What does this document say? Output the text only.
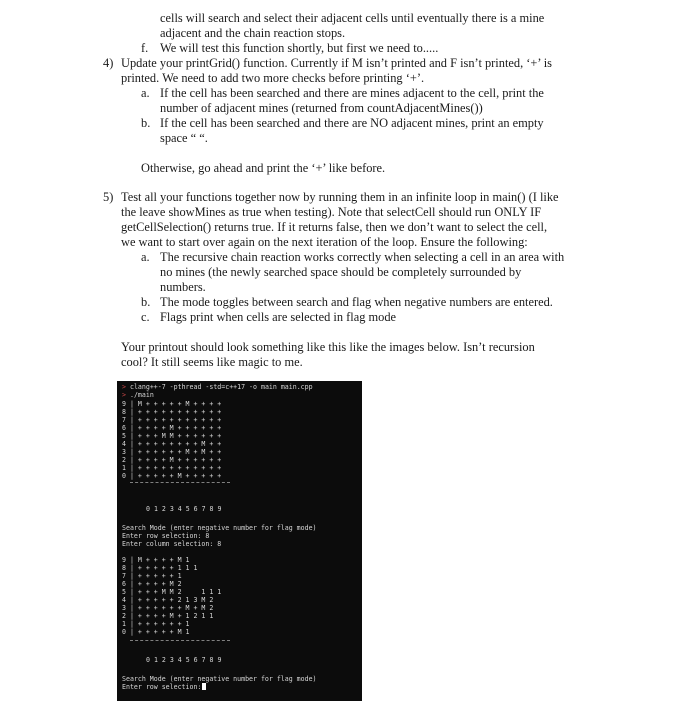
cells will search and select their adjacent cells until eventually there is a mine
adjacent and the chain reaction stops.
f. We will test this function shortly, but first we need to.....
4) Update your printGrid() function. Currently if M isn’t printed and F isn’t printed, ‘+’ is
printed. We need to add two more checks before printing ‘+’.
a. If the cell has been searched and there are mines adjacent to the cell, print the
number of adjacent mines (returned from countAdjacentMines())
b. If the cell has been searched and there are NO adjacent mines, print an empty
space “ “.
Otherwise, go ahead and print the ‘+’ like before.
5) Test all your functions together now by running them in an infinite loop in main() (I like
the leave showMines as true when testing). Note that selectCell should run ONLY IF
getCellSelection() returns true. If it returns false, then we don’t want to select the cell,
we want to start over again on the next iteration of the loop. Ensure the following:
a. The recursive chain reaction works correctly when selecting a cell in an area with
no mines (the newly searched space should be completely surrounded by
numbers.
b. The mode toggles between search and flag when negative numbers are entered.
c. Flags print when cells are selected in flag mode
Your printout should look something like this like the images below. Isn’t recursion
cool? It still seems like magic to me.
> clang++-7 -pthread -std=c++17 -o main main.cpp
> ./main
9 | M + + + + + M + + + +
8 | + + + + + + + + + + +
7 | + + + + + + + + + + +
6 | + + + + M + + + + + +
5 | + + + M M + + + + + +
4 | + + + + + + + + M + +
3 | + + + + + + M + M + +
2 | + + + + M + + + + + +
1 | + + + + + + + + + + +
0 | + + + + + M + + + + +
0 1 2 3 4 5 6 7 8 9
Search Mode (enter negative number for flag mode)
Enter row selection: 8
Enter column selection: 8
9 | M + + + + M 1
8 | + + + + + 1 1 1
7 | + + + + + 1
6 | + + + + M 2
5 | + + + M M 2     1 1 1
4 | + + + + + 2 1 3 M 2
3 | + + + + + + M + M 2
2 | + + + + M + 1 2 1 1
1 | + + + + + + 1
0 | + + + + + M 1
0 1 2 3 4 5 6 7 8 9
Search Mode (enter negative number for flag mode)
Enter row selection:
